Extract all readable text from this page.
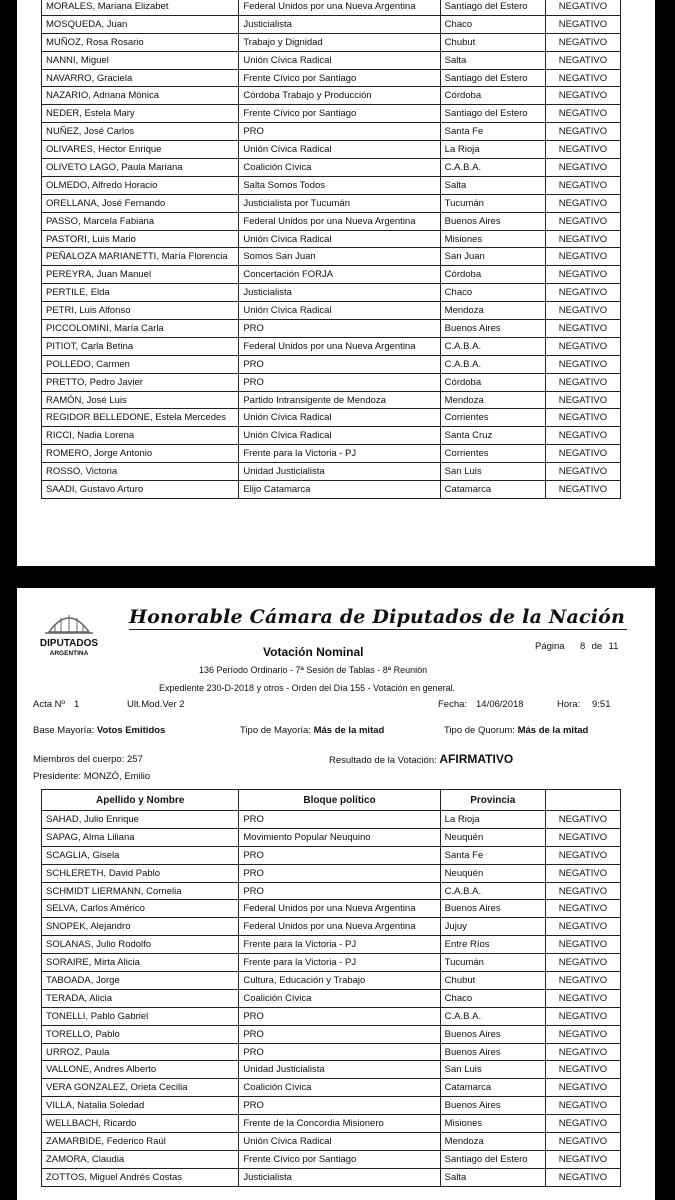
MORALES, Mariana Elizabet	Federal Unidos por una Nueva Argentina	Santiago del Estero	NEGATIVO
MOSQUEDA, Juan	Justicialista	Chaco	NEGATIVO
MUÑOZ, Rosa Rosario	Trabajo y Dignidad	Chubut	NEGATIVO
NANNI, Miguel	Unión Cívica Radical	Salta	NEGATIVO
NAVARRO, Graciela	Frente Cívico por Santiago	Santiago del Estero	NEGATIVO
NAZARIO, Adriana Mónica	Córdoba Trabajo y Producción	Córdoba	NEGATIVO
NEDER, Estela Mary	Frente Cívico por Santiago	Santiago del Estero	NEGATIVO
NUÑEZ, José Carlos	PRO	Santa Fe	NEGATIVO
OLIVARES, Héctor Enrique	Unión Cívica Radical	La Rioja	NEGATIVO
OLIVETO LAGO, Paula Mariana	Coalición Cívica	C.A.B.A.	NEGATIVO
OLMEDO, Alfredo Horacio	Salta Somos Todos	Salta	NEGATIVO
ORELLANA, José Fernando	Justicialista por Tucumán	Tucumán	NEGATIVO
PASSO, Marcela Fabiana	Federal Unidos por una Nueva Argentina	Buenos Aires	NEGATIVO
PASTORI, Luis Mario	Unión Cívica Radical	Misiones	NEGATIVO
PEÑALOZA MARIANETTI, María Florencia	Somos San Juan	San Juan	NEGATIVO
PEREYRA, Juan Manuel	Concertación FORJA	Córdoba	NEGATIVO
PERTILE, Elda	Justicialista	Chaco	NEGATIVO
PETRI, Luis Alfonso	Unión Cívica Radical	Mendoza	NEGATIVO
PICCOLOMINI, María Carla	PRO	Buenos Aires	NEGATIVO
PITIOT, Carla Betina	Federal Unidos por una Nueva Argentina	C.A.B.A.	NEGATIVO
POLLEDO, Carmen	PRO	C.A.B.A.	NEGATIVO
PRETTO, Pedro Javier	PRO	Córdoba	NEGATIVO
RAMÓN, José Luis	Partido Intransigente de Mendoza	Mendoza	NEGATIVO
REGIDOR BELLEDONE, Estela Mercedes	Unión Cívica Radical	Corrientes	NEGATIVO
RICCI, Nadia Lorena	Unión Cívica Radical	Santa Cruz	NEGATIVO
ROMERO, Jorge Antonio	Frente para la Victoria - PJ	Corrientes	NEGATIVO
ROSSO, Victoria	Unidad Justicialista	San Luis	NEGATIVO
SAADI, Gustavo Arturo	Elijo Catamarca	Catamarca	NEGATIVO
DIPUTADOS
ARGENTINA
Honorable Cámara de Diputados de la Nación
Página 8 de 11
Votación Nominal
136 Período Ordinario - 7ª Sesión de Tablas - 8ª Reunión
Expediente 230-D-2018 y otros - Orden del Día 155 - Votación en general.
Acta Nº 1	Ult.Mod.Ver 2	Fecha: 14/06/2018	Hora: 9:51
Base Mayoría: Votos Emitidos	Tipo de Mayoría: Más de la mitad	Tipo de Quorum: Más de la mitad
Miembros del cuerpo: 257	Resultado de la Votación: AFIRMATIVO
Presidente: MONZÓ, Emilio
Apellido y Nombre	Bloque político	Provincia	
SAHAD, Julio Enrique	PRO	La Rioja	NEGATIVO
SAPAG, Alma Liliana	Movimiento Popular Neuquino	Neuquén	NEGATIVO
SCAGLIA, Gisela	PRO	Santa Fe	NEGATIVO
SCHLERETH, David Pablo	PRO	Neuquén	NEGATIVO
SCHMIDT LIERMANN, Cornelia	PRO	C.A.B.A.	NEGATIVO
SELVA, Carlos Américo	Federal Unidos por una Nueva Argentina	Buenos Aires	NEGATIVO
SNOPEK, Alejandro	Federal Unidos por una Nueva Argentina	Jujuy	NEGATIVO
SOLANAS, Julio Rodolfo	Frente para la Victoria - PJ	Entre Ríos	NEGATIVO
SORAIRE, Mirta Alicia	Frente para la Victoria - PJ	Tucumán	NEGATIVO
TABOADA, Jorge	Cultura, Educación y Trabajo	Chubut	NEGATIVO
TERADA, Alicia	Coalición Cívica	Chaco	NEGATIVO
TONELLI, Pablo Gabriel	PRO	C.A.B.A.	NEGATIVO
TORELLO, Pablo	PRO	Buenos Aires	NEGATIVO
URROZ, Paula	PRO	Buenos Aires	NEGATIVO
VALLONE, Andres Alberto	Unidad Justicialista	San Luis	NEGATIVO
VERA GONZALEZ, Orieta Cecilia	Coalición Cívica	Catamarca	NEGATIVO
VILLA, Natalia Soledad	PRO	Buenos Aires	NEGATIVO
WELLBACH, Ricardo	Frente de la Concordia Misionero	Misiones	NEGATIVO
ZAMARBIDE, Federico Raúl	Unión Cívica Radical	Mendoza	NEGATIVO
ZAMORA, Claudia	Frente Cívico por Santiago	Santiago del Estero	NEGATIVO
ZOTTOS, Miguel Andrés Costas	Justicialista	Salta	NEGATIVO
